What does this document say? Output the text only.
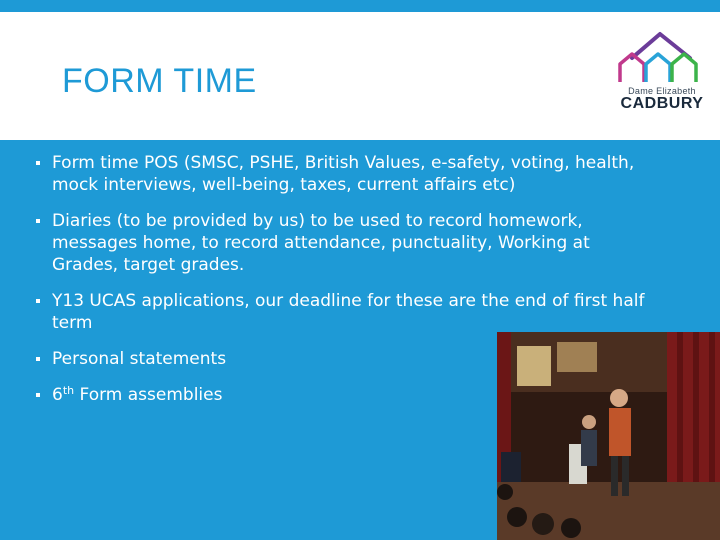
FORM TIME	Dame Elizabeth
CADBURY
Form time POS (SMSC, PSHE, British Values, e-safety, voting, health, mock interviews, well-being, taxes, current affairs etc)
Diaries (to be provided by us) to be used to record homework, messages home, to record attendance, punctuality, Working at Grades, target grades.
Y13 UCAS applications, our deadline for these are the end of first half term
Personal statements
6th Form assemblies
